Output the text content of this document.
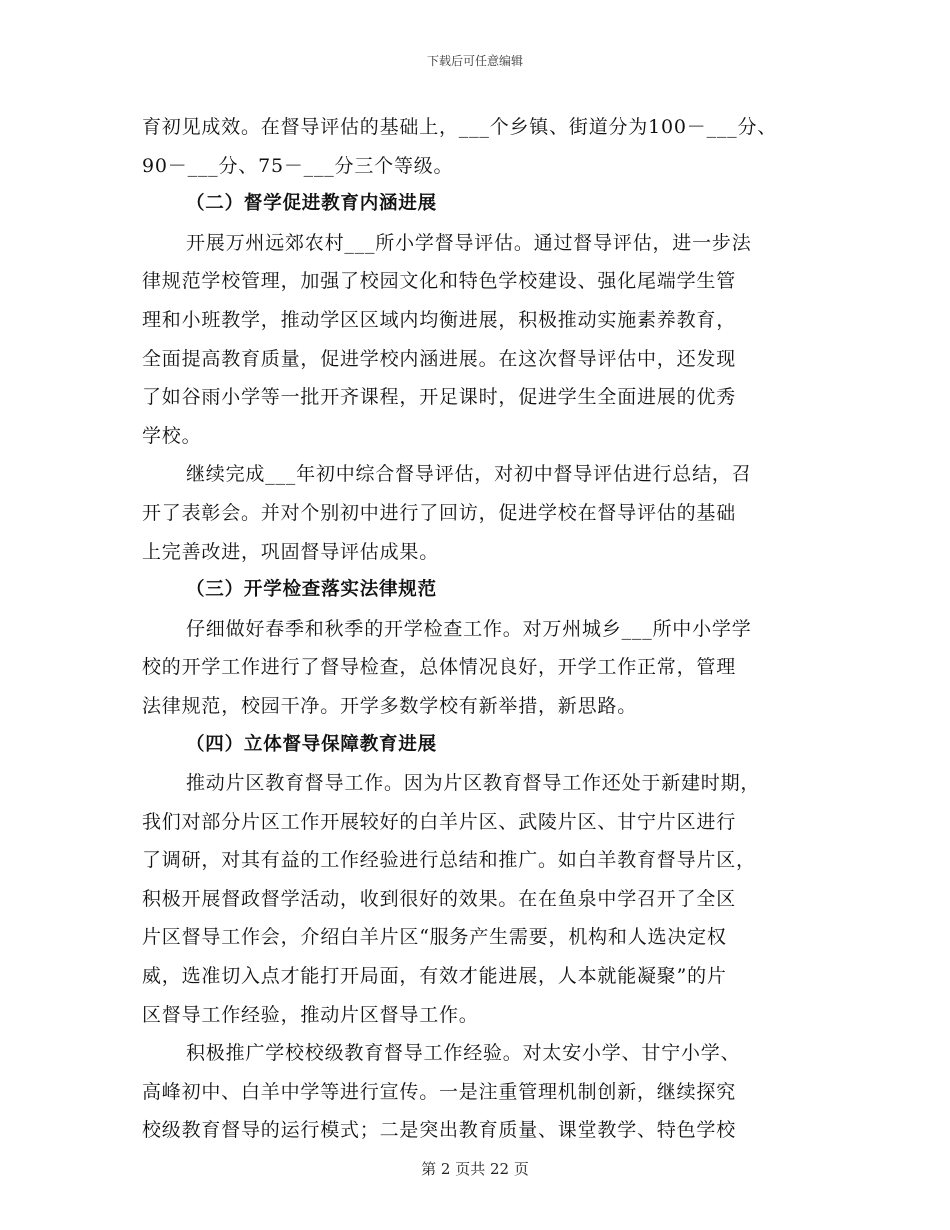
下载后可任意编辑
育初见成效。在督导评估的基础上，___个乡镇、街道分为100－___分、
90－___分、75－___分三个等级。
（二）督学促进教育内涵进展
开展万州远郊农村___所小学督导评估。通过督导评估，进一步法
律规范学校管理，加强了校园文化和特色学校建设、强化尾端学生管
理和小班教学，推动学区区域内均衡进展，积极推动实施素养教育，
全面提高教育质量，促进学校内涵进展。在这次督导评估中，还发现
了如谷雨小学等一批开齐课程，开足课时，促进学生全面进展的优秀
学校。
继续完成___年初中综合督导评估，对初中督导评估进行总结，召
开了表彰会。并对个别初中进行了回访，促进学校在督导评估的基础
上完善改进，巩固督导评估成果。
（三）开学检查落实法律规范
仔细做好春季和秋季的开学检查工作。对万州城乡___所中小学学
校的开学工作进行了督导检查，总体情况良好，开学工作正常，管理
法律规范，校园干净。开学多数学校有新举措，新思路。
（四）立体督导保障教育进展
推动片区教育督导工作。因为片区教育督导工作还处于新建时期，
我们对部分片区工作开展较好的白羊片区、武陵片区、甘宁片区进行
了调研，对其有益的工作经验进行总结和推广。如白羊教育督导片区，
积极开展督政督学活动，收到很好的效果。在在鱼泉中学召开了全区
片区督导工作会，介绍白羊片区“服务产生需要，机构和人选决定权
威，选准切入点才能打开局面，有效才能进展，人本就能凝聚”的片
区督导工作经验，推动片区督导工作。
积极推广学校校级教育督导工作经验。对太安小学、甘宁小学、
高峰初中、白羊中学等进行宣传。一是注重管理机制创新，继续探究
校级教育督导的运行模式；二是突出教育质量、课堂教学、特色学校
第 2 页共 22 页
